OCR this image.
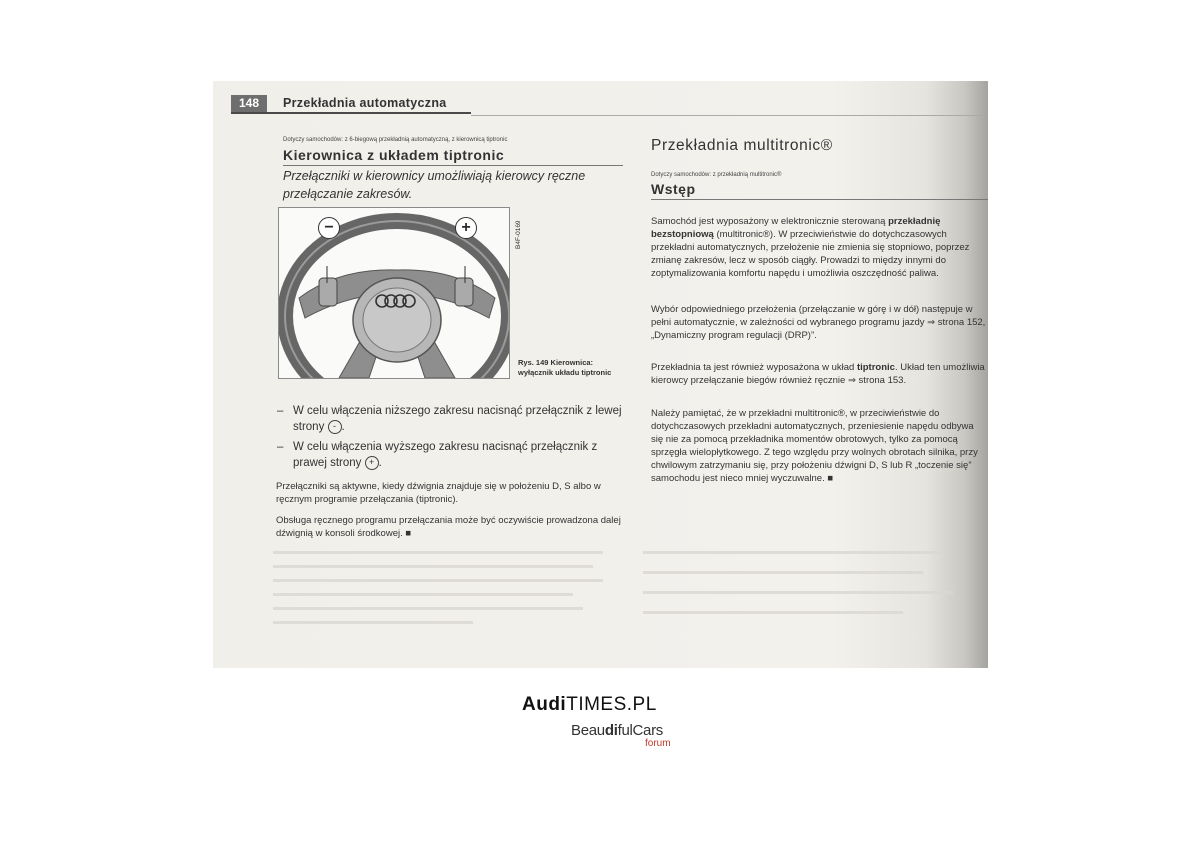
148	Przekładnia automatyczna
Dotyczy samochodów: z 6-biegową przekładnią automatyczną, z kierownicą tiptronic
Kierownica z układem tiptronic
Przełączniki w kierownicy umożliwiają kierowcy ręczne przełączanie zakresów.
−	+	B4F-0169
Rys. 149 Kierownica: wyłącznik układu tiptronic
– W celu włączenia niższego zakresu nacisnąć przełącznik z lewej strony - .
– W celu włączenia wyższego zakresu nacisnąć przełącznik z prawej strony + .
Przełączniki są aktywne, kiedy dźwignia znajduje się w położeniu D, S albo w ręcznym programie przełączania (tiptronic).
Obsługa ręcznego programu przełączania może być oczywiście prowadzona dalej dźwignią w konsoli środkowej. ■
Przekładnia multitronic®
Dotyczy samochodów: z przekładnią multitronic®
Wstęp
Samochód jest wyposażony w elektronicznie sterowaną przekładnię bezstopniową (multitronic®). W przeciwieństwie do dotychczasowych przekładni automatycznych, przełożenie nie zmienia się stopniowo, poprzez zmianę zakresów, lecz w sposób ciągły. Prowadzi to między innymi do zoptymalizowania komfortu napędu i umożliwia oszczędność paliwa.
Wybór odpowiedniego przełożenia (przełączanie w górę i w dół) następuje w pełni automatycznie, w zależności od wybranego programu jazdy ⇒ strona 152, „Dynamiczny program regulacji (DRP)”.
Przekładnia ta jest również wyposażona w układ tiptronic. Układ ten umożliwia kierowcy przełączanie biegów również ręcznie ⇒ strona 153.
Należy pamiętać, że w przekładni multitronic®, w przeciwieństwie do dotychczasowych przekładni automatycznych, przeniesienie napędu odbywa się nie za pomocą przekładnika momentów obrotowych, tylko za pomocą sprzęgła wielopłytkowego. Z tego względu przy wolnych obrotach silnika, przy chwilowym zatrzymaniu się, przy położeniu dźwigni D, S lub R „toczenie się” samochodu jest nieco mniej wyczuwalne. ■
AudiTIMES.PL
BeaudifulCars
forum
